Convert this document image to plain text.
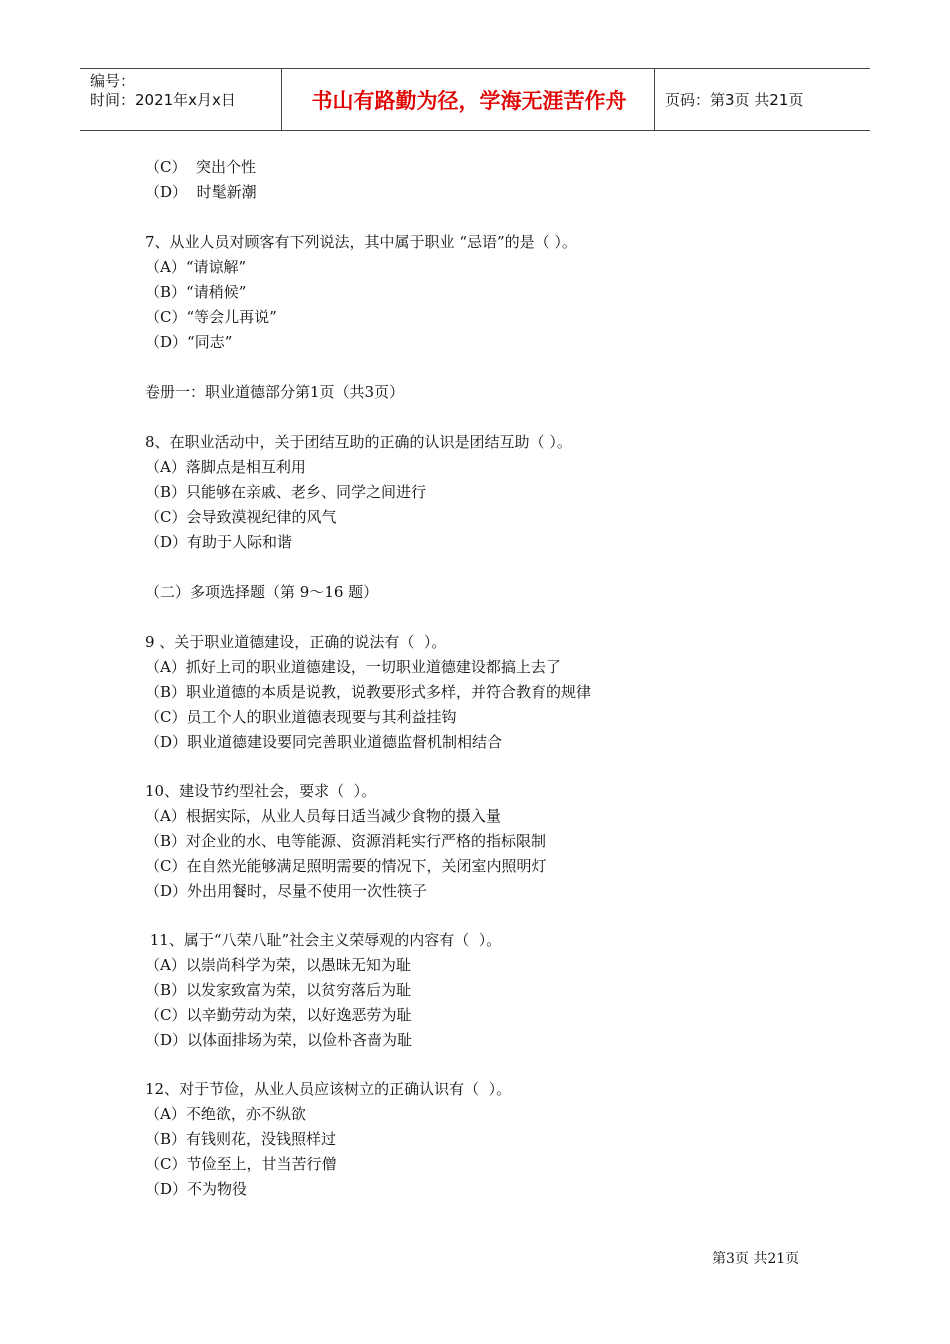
编号：
时间：2021年x月x日	书山有路勤为径，学海无涯苦作舟	页码：第3页 共21页
（C）  突出个性
（D）  时髦新潮
7、从业人员对顾客有下列说法，其中属于职业 “忌语”的是（ ）。
（A）“请谅解”
（B）“请稍候”
（C）“等会儿再说”
（D）“同志”
卷册一：职业道德部分第1页（共3页）
8、在职业活动中，关于团结互助的正确的认识是团结互助（ ）。
（A）落脚点是相互利用
（B）只能够在亲戚、老乡、同学之间进行
（C）会导致漠视纪律的风气
（D）有助于人际和谐
（二）多项选择题（第 9～16 题）
9 、关于职业道德建设，正确的说法有（  ）。
（A）抓好上司的职业道德建设，一切职业道德建设都搞上去了
（B）职业道德的本质是说教，说教要形式多样，并符合教育的规律
（C）员工个人的职业道德表现要与其利益挂钩
（D）职业道德建设要同完善职业道德监督机制相结合
10、建设节约型社会，要求（  ）。
（A）根据实际，从业人员每日适当减少食物的摄入量
（B）对企业的水、电等能源、资源消耗实行严格的指标限制
（C）在自然光能够满足照明需要的情况下，关闭室内照明灯
（D）外出用餐时，尽量不使用一次性筷子
11、属于“八荣八耻”社会主义荣辱观的内容有（  ）。
（A）以崇尚科学为荣，以愚昧无知为耻
（B）以发家致富为荣，以贫穷落后为耻
（C）以辛勤劳动为荣，以好逸恶劳为耻
（D）以体面排场为荣，以俭朴吝啬为耻
12、对于节俭，从业人员应该树立的正确认识有（  ）。
（A）不绝欲，亦不纵欲
（B）有钱则花，没钱照样过
（C）节俭至上，甘当苦行僧
（D）不为物役
第3页 共21页
